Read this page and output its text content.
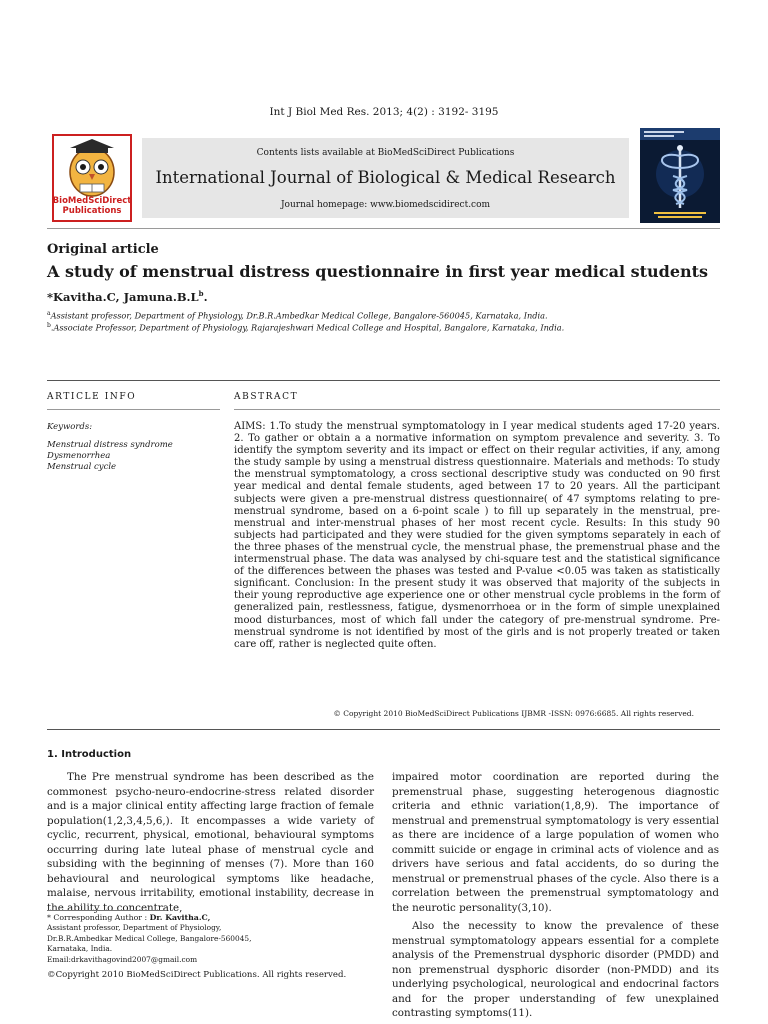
Int J Biol Med Res. 2013; 4(2) : 3192- 3195
BioMedSciDirect
Publications
Contents lists available at BioMedSciDirect Publications
International Journal of Biological & Medical Research
Journal homepage: www.biomedscidirect.com
Original article
A study of menstrual distress questionnaire in first year medical students
*Kavitha.C, $Jamuna.B.L^b$.
$^a$Assistant professor, Department of Physiology, Dr.B.R.Ambedkar Medical College, Bangalore-560045, Karnataka, India.
$^b$.Associate Professor, Department of Physiology, Rajarajeshwari Medical College and Hospital, Bangalore, Karnataka, India.
ARTICLE INFO	ABSTRACT
Keywords:
Menstrual distress syndrome
Dysmenorrhea
Menstrual cycle
AIMS: 1.To study the menstrual symptomatology in I year medical students aged 17-20 years. 2. To gather or obtain a a normative information on symptom prevalence and severity. 3. To identify the symptom severity and its impact or effect on their regular activities, if any, among the study sample by using a menstrual distress questionnaire. Materials and methods: To study the menstrual symptomatology, a cross sectional descriptive study was conducted on 90 first year medical and dental female students, aged between 17 to 20 years. All the participant subjects were given a pre-menstrual distress questionnaire( of 47 symptoms relating to pre-menstrual syndrome, based on a 6-point scale ) to fill up separately in the menstrual, pre-menstrual and inter-menstrual phases of her most recent cycle. Results: In this study 90 subjects had participated and they were studied for the given symptoms separately in each of the three phases of the menstrual cycle, the menstrual phase, the premenstrual phase and the intermenstrual phase. The data was analysed by chi-square test and the statistical significance of the differences between the phases was tested and P-value <0.05 was taken as statistically significant. Conclusion: In the present study it was observed that majority of the subjects in their young reproductive age experience one or other menstrual cycle problems in the form of generalized pain, restlessness, fatigue, dysmenorrhoea or in the form of simple unexplained mood disturbances, most of which fall under the category of pre-menstrual syndrome. Pre-menstrual syndrome is not identified by most of the girls and is not properly treated or taken care off, rather is neglected quite often.
© Copyright 2010 BioMedSciDirect Publications IJBMR -ISSN: 0976:6685. All rights reserved.
1. Introduction

The Pre menstrual syndrome has been described as the commonest psycho-neuro-endocrine-stress related disorder and is a major clinical entity affecting large fraction of female population(1,2,3,4,5,6,). It encompasses a wide variety of cyclic, recurrent, physical, emotional, behavioural symptoms occurring during late luteal phase of menstrual cycle and subsiding with the beginning of menses (7). More than 160 behavioural and neurological symptoms like headache, malaise, nervous irritability, emotional instability, decrease in the ability to concentrate,

impaired motor coordination are reported during the premenstrual phase, suggesting heterogenous diagnostic criteria and ethnic variation(1,8,9). The importance of menstrual and premenstrual symptomatology is very essential as there are incidence of a large population of women who committ suicide or engage in criminal acts of violence and as drivers have serious and fatal accidents, do so during the menstrual or premenstrual phases of the cycle. Also there is a correlation between the premenstrual symptomatology and the neurotic personality(3,10).

Also the necessity to know the prevalence of these menstrual symptomatology appears essential for a complete analysis of the Premenstrual dysphoric disorder (PMDD) and non premenstrual dysphoric disorder (non-PMDD) and its underlying psychological, neurological and endocrinal factors and for the proper understanding of few unexplained contrasting symptoms(11).

* Corresponding Author : Dr. Kavitha.C,
Assistant professor, Department of Physiology,
Dr.B.R.Ambedkar Medical College, Bangalore-560045,
Karnataka, India.
Email:drkavithagovind2007@gmail.com
©Copyright 2010 BioMedSciDirect Publications. All rights reserved.
